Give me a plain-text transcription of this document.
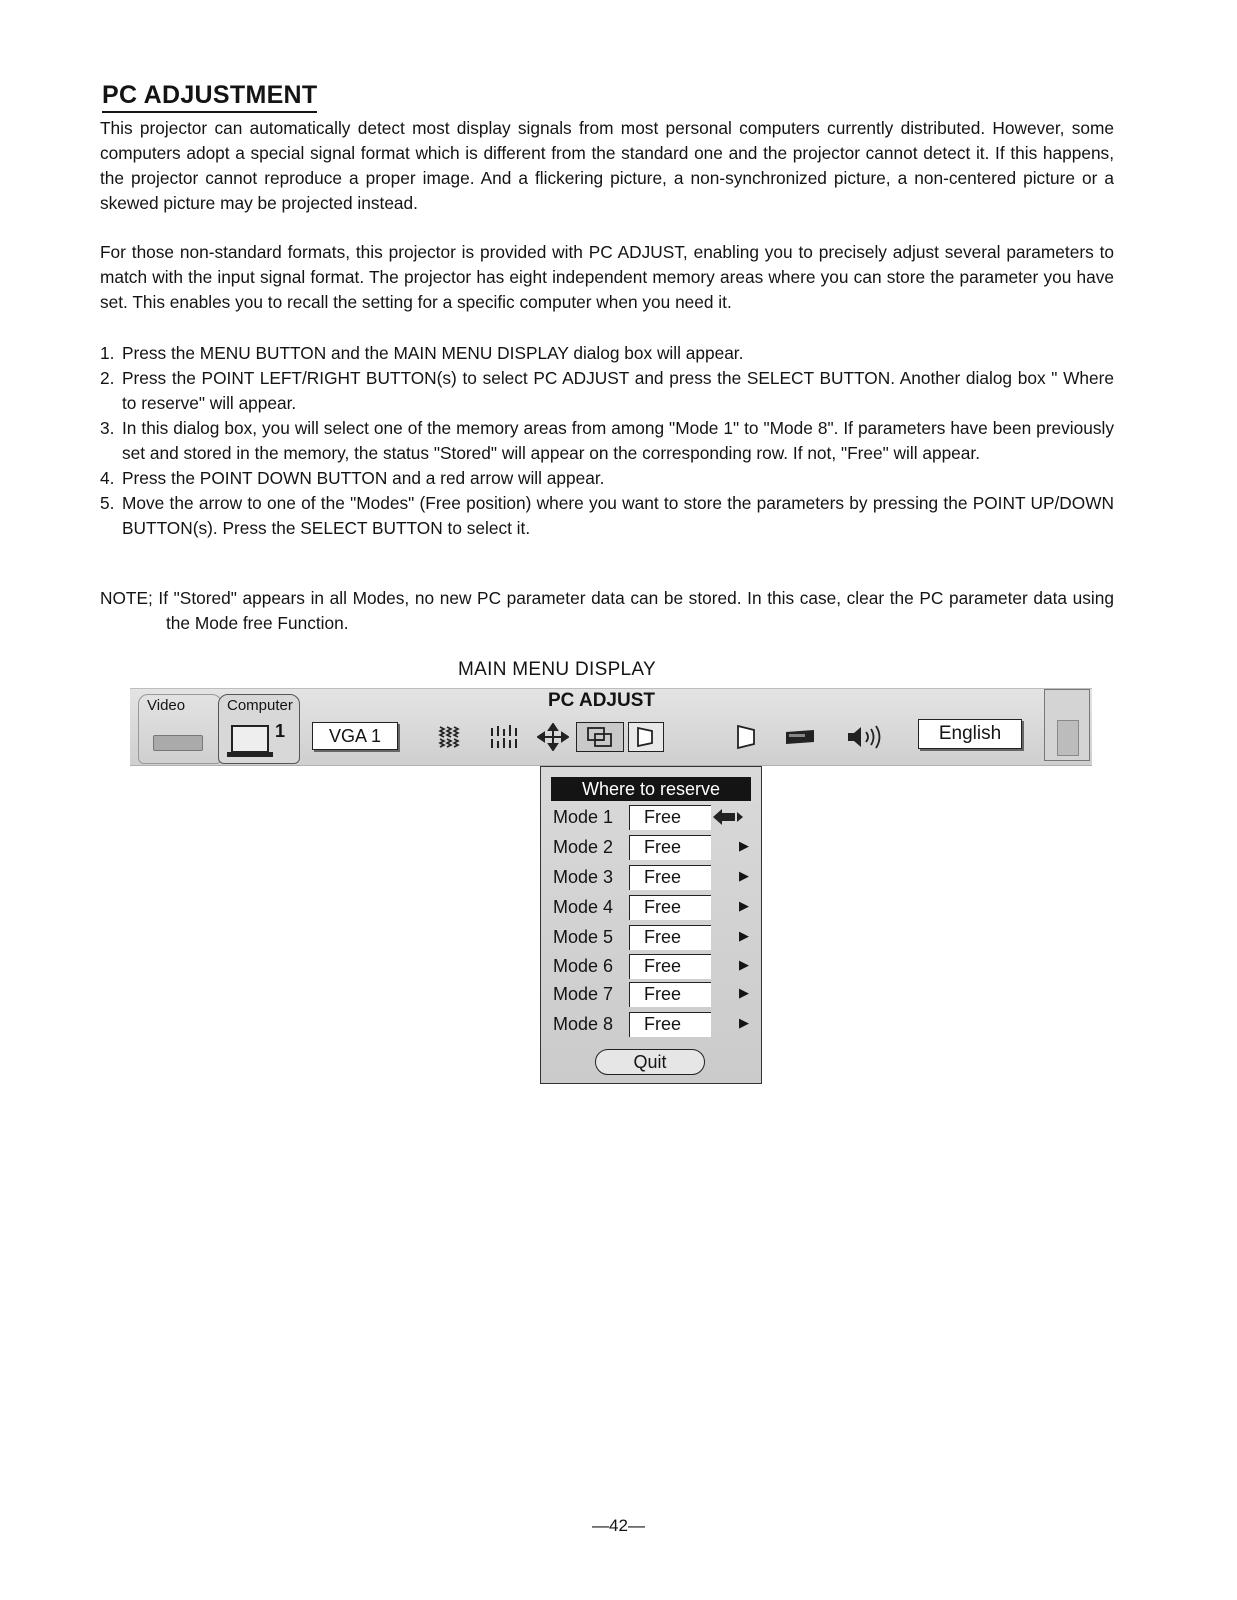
PC ADJUSTMENT

This projector can automatically detect most display signals from most personal computers currently distributed. However, some computers adopt a special signal format which is different from the standard one and the projector cannot detect it. If this happens, the projector cannot reproduce a proper image. And a flickering picture, a non-synchronized picture, a non-centered picture or a skewed picture may be projected instead.

For those non-standard formats, this projector is provided with PC ADJUST, enabling you to precisely adjust several parameters to match with the input signal format. The projector has eight independent memory areas where you can store the parameter you have set. This enables you to recall the setting for a specific computer when you need it.

1. Press the MENU BUTTON and the MAIN MENU DISPLAY dialog box will appear.
2. Press the POINT LEFT/RIGHT BUTTON(s) to select PC ADJUST and press the SELECT BUTTON. Another dialog box " Where to reserve" will appear.
3. In this dialog box, you will select one of the memory areas from among "Mode 1" to "Mode 8". If parameters have been previously set and stored in the memory, the status "Stored" will appear on the corresponding row. If not, "Free" will appear.
4. Press the POINT DOWN BUTTON and a red arrow will appear.
5. Move the arrow to one of the "Modes" (Free position) where you want to store the parameters by pressing the POINT UP/DOWN BUTTON(s). Press the SELECT BUTTON to select it.

NOTE; If "Stored" appears in all Modes, no new PC parameter data can be stored. In this case, clear the PC parameter data using the Mode free Function.

MAIN MENU DISPLAY
Video	Computer
1	VGA 1
PC ADJUST
English
Where to reserve
Mode 1	Free
Mode 2	Free	▶
Mode 3	Free	▶
Mode 4	Free	▶
Mode 5	Free	▶
Mode 6	Free	▶
Mode 7	Free	▶
Mode 8	Free	▶
Quit
—42—
